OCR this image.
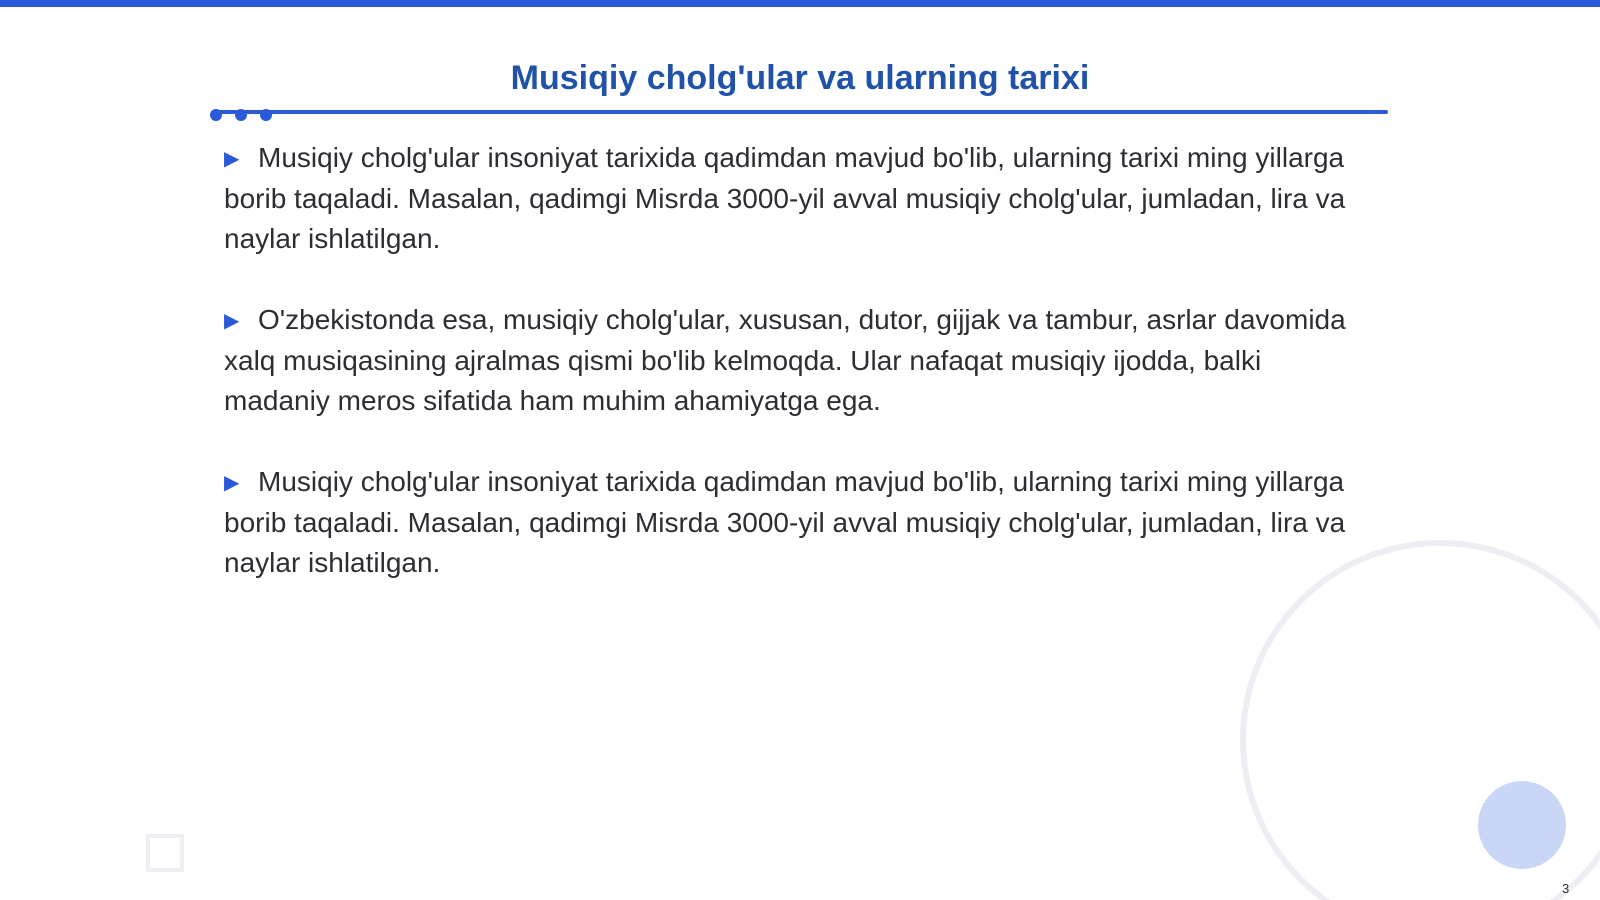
Musiqiy cholg'ular va ularning tarixi

▶ Musiqiy cholg'ular insoniyat tarixida qadimdan mavjud bo'lib, ularning tarixi ming yillarga borib taqaladi. Masalan, qadimgi Misrda 3000-yil avval musiqiy cholg'ular, jumladan, lira va naylar ishlatilgan.

▶ O'zbekistonda esa, musiqiy cholg'ular, xususan, dutor, gijjak va tambur, asrlar davomida xalq musiqasining ajralmas qismi bo'lib kelmoqda. Ular nafaqat musiqiy ijodda, balki madaniy meros sifatida ham muhim ahamiyatga ega.

▶ Musiqiy cholg'ular insoniyat tarixida qadimdan mavjud bo'lib, ularning tarixi ming yillarga borib taqaladi. Masalan, qadimgi Misrda 3000-yil avval musiqiy cholg'ular, jumladan, lira va naylar ishlatilgan.

3
